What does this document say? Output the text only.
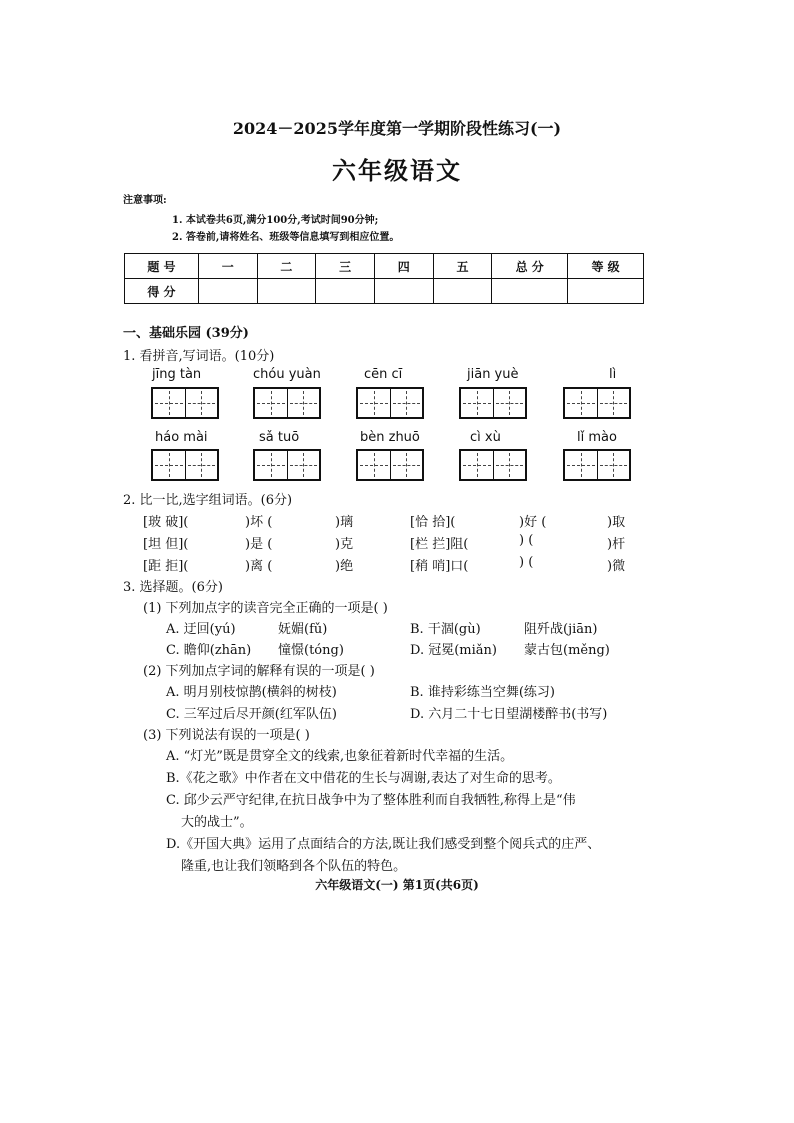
2024－2025学年度第一学期阶段性练习(一)
六年级语文
注意事项:
1. 本试卷共6页,满分100分,考试时间90分钟;
2. 答卷前,请将姓名、班级等信息填写到相应位置。
题 号	一	二	三	四	五	总 分	等 级
得 分							
一、基础乐园 (39分)
1. 看拼音,写词语。(10分)
jīng tàn	chóu yuàn	cēn cī	jiān yuè	lì
háo mài	sǎ tuō	bèn zhuō	cì xù	lǐ mào
2. 比一比,选字组词语。(6分)
[玻 破](	)坏 (	)璃	[恰 拾](	)好 (	)取
[坦 但](	)是 (	)克	[栏 拦]阻(	) (	)杆
[距 拒](	)离 (	)绝	[稍 哨]口(	) (	)微
3. 选择题。(6分)
(1) 下列加点字的读音完全正确的一项是( )
A. 迂回(yú)	妩媚(fǔ)	B. 干涸(gù)	阻歼战(jiān)
C. 瞻仰(zhān) 憧憬(tóng)	D. 冠冕(miǎn) 蒙古包(měng)
(2) 下列加点字词的解释有误的一项是( )
A. 明月别枝惊鹊(横斜的树枝)	B. 谁持彩练当空舞(练习)
C. 三军过后尽开颜(红军队伍)	D. 六月二十七日望湖楼醉书(书写)
(3) 下列说法有误的一项是( )
A. “灯光”既是贯穿全文的线索,也象征着新时代幸福的生活。
B.《花之歌》中作者在文中借花的生长与凋谢,表达了对生命的思考。
C. 邱少云严守纪律,在抗日战争中为了整体胜利而自我牺牲,称得上是“伟
大的战士”。
D.《开国大典》运用了点面结合的方法,既让我们感受到整个阅兵式的庄严、
隆重,也让我们领略到各个队伍的特色。
六年级语文(一) 第1页(共6页)
